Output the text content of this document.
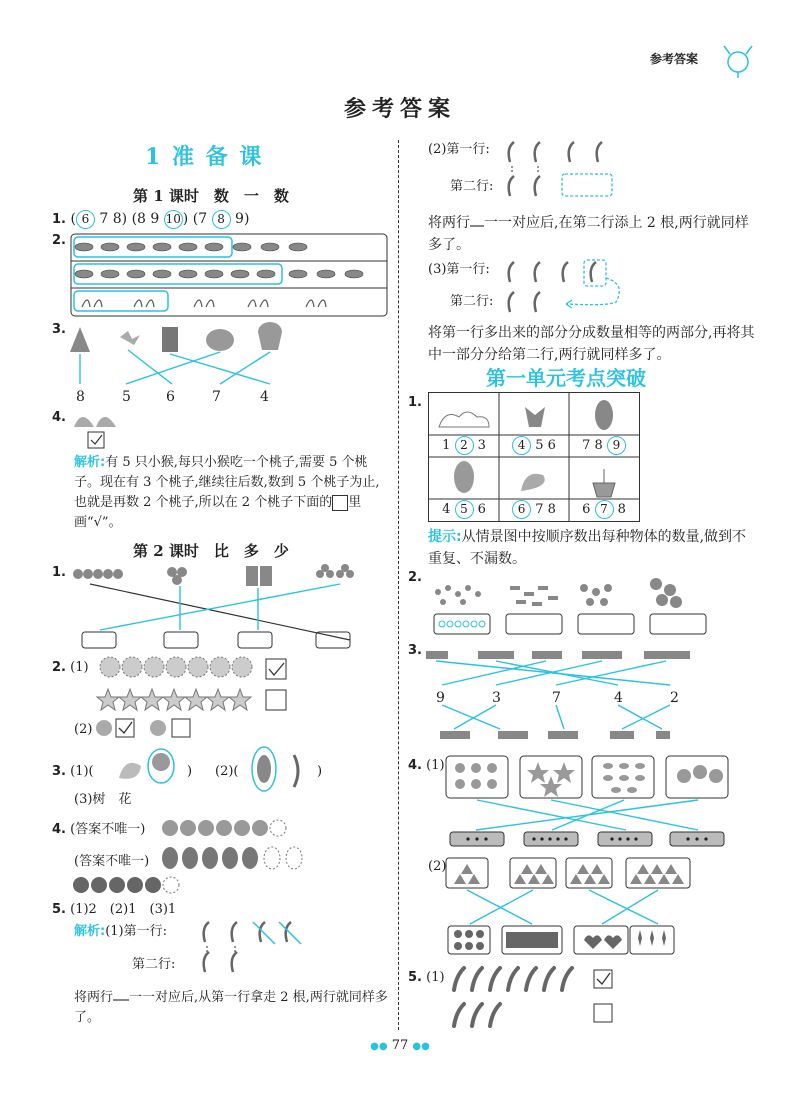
参考答案
参考答案
1 准 备 课
第 1 课时　数　一　数
1. ( 6 7 8) (8 9 10 ) (7 8 9)
2.
3.
8	5	6	7	4
4.
解析:有 5 只小猴,每只小猴吃一个桃子,需要 5 个桃子。现在有 3 个桃子,继续往后数,数到 5 个桃子为止,也就是再数 2 个桃子,所以在 2 个桃子下面的 里画“√”。
第 2 课时　比　多　少
1.
2. (1)
(2)
3. (1)(	) (2)(	)
(3)树　花
4. (答案不唯一)
(答案不唯一)
5. (1)2　(2)1　(3)1
解析:(1)第一行:
第二行:
将两行 一一对应后,从第一行拿走 2 根,两行就同样多了。
(2)第一行:
第二行:
将两行 一一对应后,在第二行添上 2 根,两行就同样多了。
(3)第一行:
第二行:
将第一行多出来的部分分成数量相等的两部分,再将其中一部分分给第二行,两行就同样多了。
第一单元考点突破
1.
1 2 3	4 5 6	7 8 9
4 5 6	6 7 8	6 7 8
提示:从情景图中按顺序数出每种物体的数量,做到不重复、不漏数。
2.
3.
9	3	7	4	2
4. (1)
(2)
5. (1)
●● 77 ●●
